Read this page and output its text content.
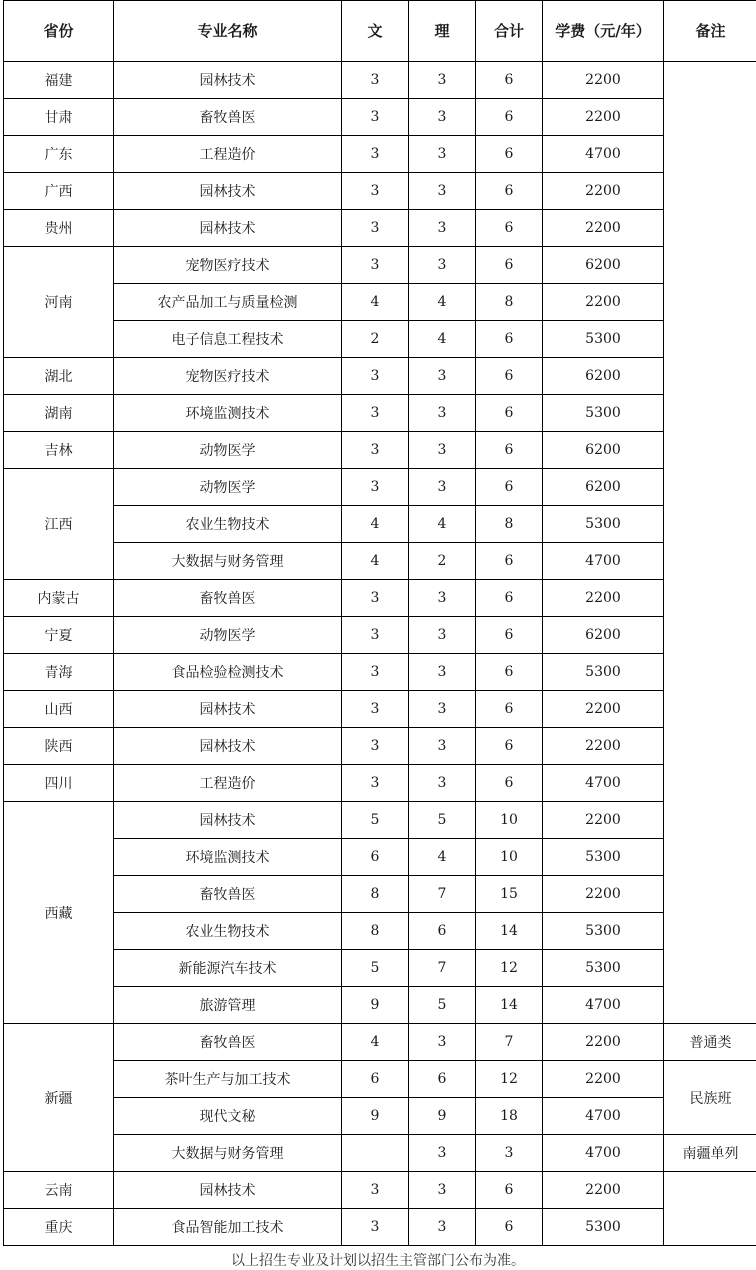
省份	专业名称	文	理	合计	学费（元/年）	备注
福建	园林技术	3	3	6	2200	
甘肃	畜牧兽医	3	3	6	2200	
广东	工程造价	3	3	6	4700	
广西	园林技术	3	3	6	2200	
贵州	园林技术	3	3	6	2200	
河南	宠物医疗技术	3	3	6	6200	
	农产品加工与质量检测	4	4	8	2200	
	电子信息工程技术	2	4	6	5300	
湖北	宠物医疗技术	3	3	6	6200	
湖南	环境监测技术	3	3	6	5300	
吉林	动物医学	3	3	6	6200	
江西	动物医学	3	3	6	6200	
	农业生物技术	4	4	8	5300	
	大数据与财务管理	4	2	6	4700	
内蒙古	畜牧兽医	3	3	6	2200	
宁夏	动物医学	3	3	6	6200	
青海	食品检验检测技术	3	3	6	5300	
山西	园林技术	3	3	6	2200	
陕西	园林技术	3	3	6	2200	
四川	工程造价	3	3	6	4700	
西藏	园林技术	5	5	10	2200	
	环境监测技术	6	4	10	5300	
	畜牧兽医	8	7	15	2200	
	农业生物技术	8	6	14	5300	
	新能源汽车技术	5	7	12	5300	
	旅游管理	9	5	14	4700	
新疆	畜牧兽医	4	3	7	2200	普通类
	茶叶生产与加工技术	6	6	12	2200	民族班
	现代文秘	9	9	18	4700	
	大数据与财务管理		3	3	4700	南疆单列
云南	园林技术	3	3	6	2200	
重庆	食品智能加工技术	3	3	6	5300	
以上招生专业及计划以招生主管部门公布为准。
